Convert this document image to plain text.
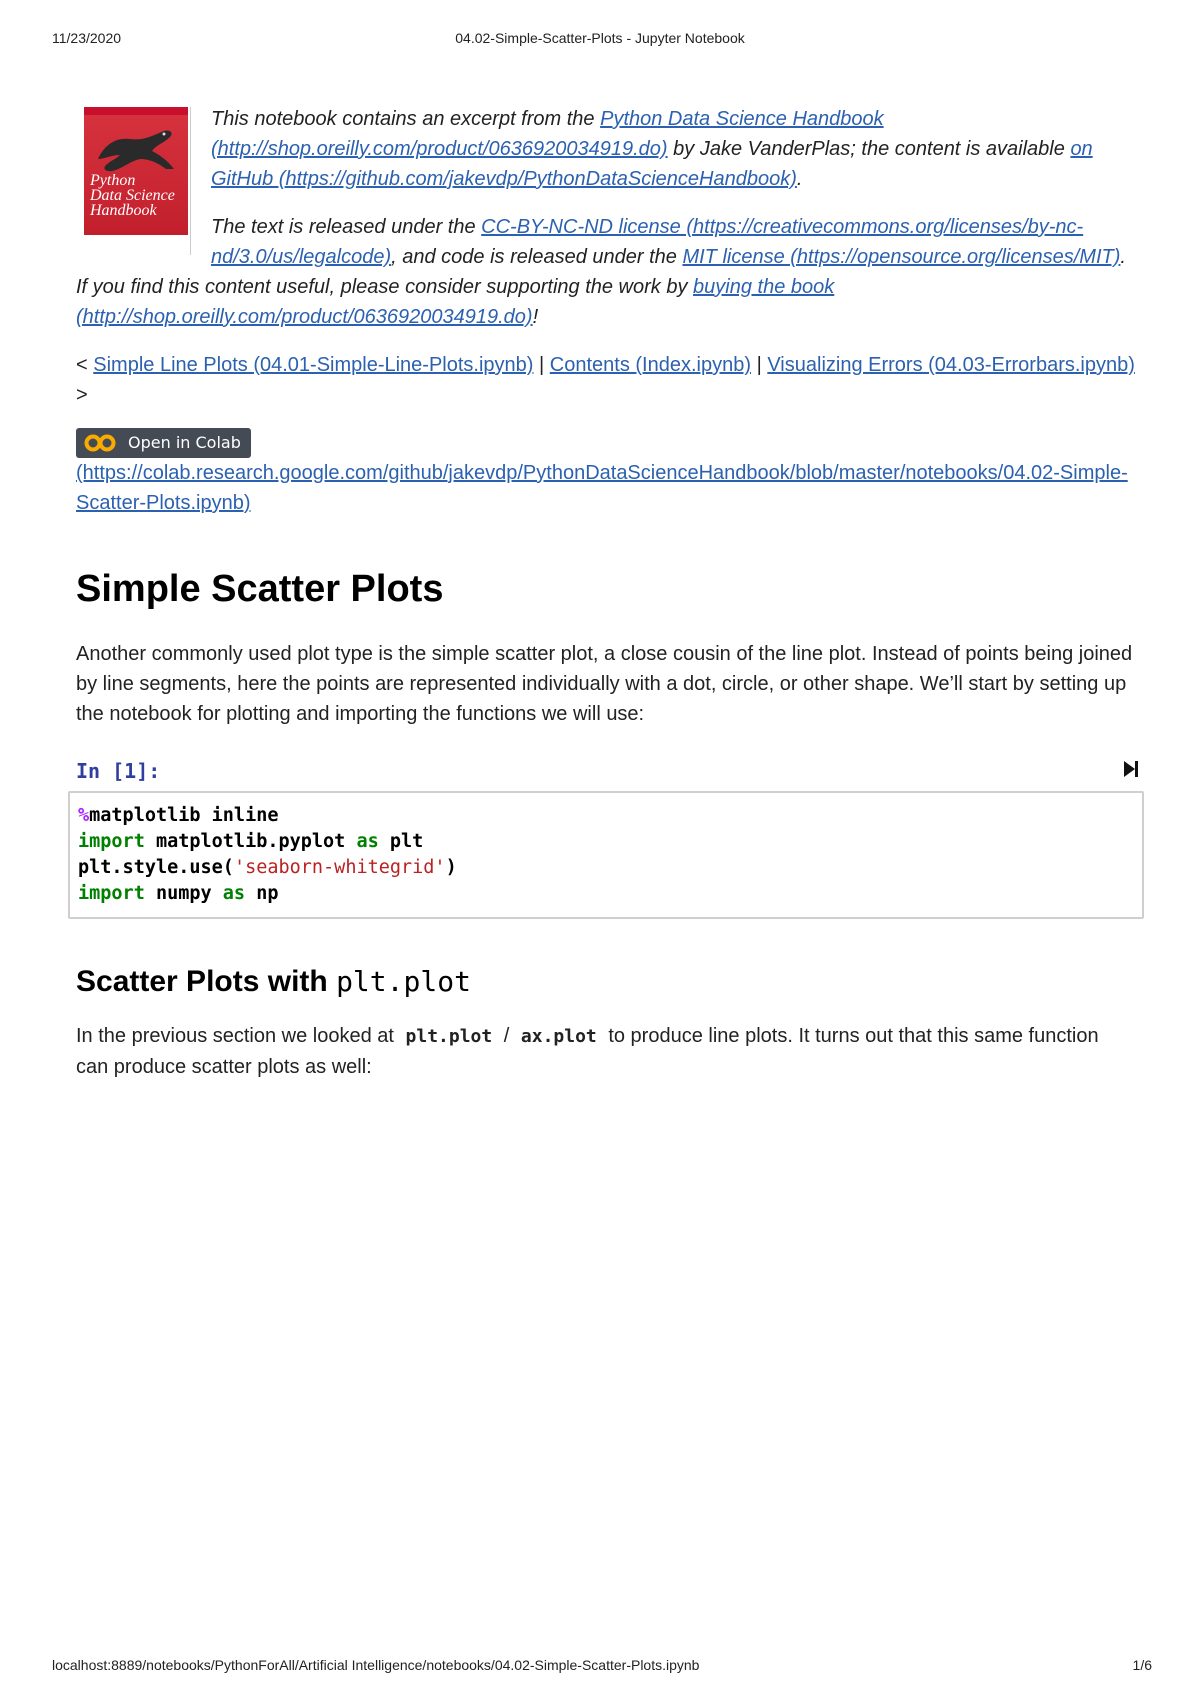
11/23/2020	04.02-Simple-Scatter-Plots - Jupyter Notebook
Python
Data Science
Handbook

This notebook contains an excerpt from the Python Data Science Handbook (http://shop.oreilly.com/product/0636920034919.do) by Jake VanderPlas; the content is available on GitHub (https://github.com/jakevdp/PythonDataScienceHandbook).

The text is released under the CC-BY-NC-ND license (https://creativecommons.org/licenses/by-nc-nd/3.0/us/legalcode), and code is released under the MIT license (https://opensource.org/licenses/MIT). If you find this content useful, please consider supporting the work by buying the book (http://shop.oreilly.com/product/0636920034919.do)!

< Simple Line Plots (04.01-Simple-Line-Plots.ipynb) | Contents (Index.ipynb) | Visualizing Errors (04.03-Errorbars.ipynb) >
Open in Colab

(https://colab.research.google.com/github/jakevdp/PythonDataScienceHandbook/blob/master/notebooks/04.02-Simple-Scatter-Plots.ipynb)
Simple Scatter Plots

Another commonly used plot type is the simple scatter plot, a close cousin of the line plot. Instead of points being joined by line segments, here the points are represented individually with a dot, circle, or other shape. We’ll start by setting up the notebook for plotting and importing the functions we will use:

In [1]:
%matplotlib inline
import matplotlib.pyplot as plt
plt.style.use('seaborn-whitegrid')
import numpy as np
Scatter Plots with plt.plot

In the previous section we looked at plt.plot / ax.plot to produce line plots. It turns out that this same function can produce scatter plots as well:

localhost:8889/notebooks/PythonForAll/Artificial Intelligence/notebooks/04.02-Simple-Scatter-Plots.ipynb	1/6
